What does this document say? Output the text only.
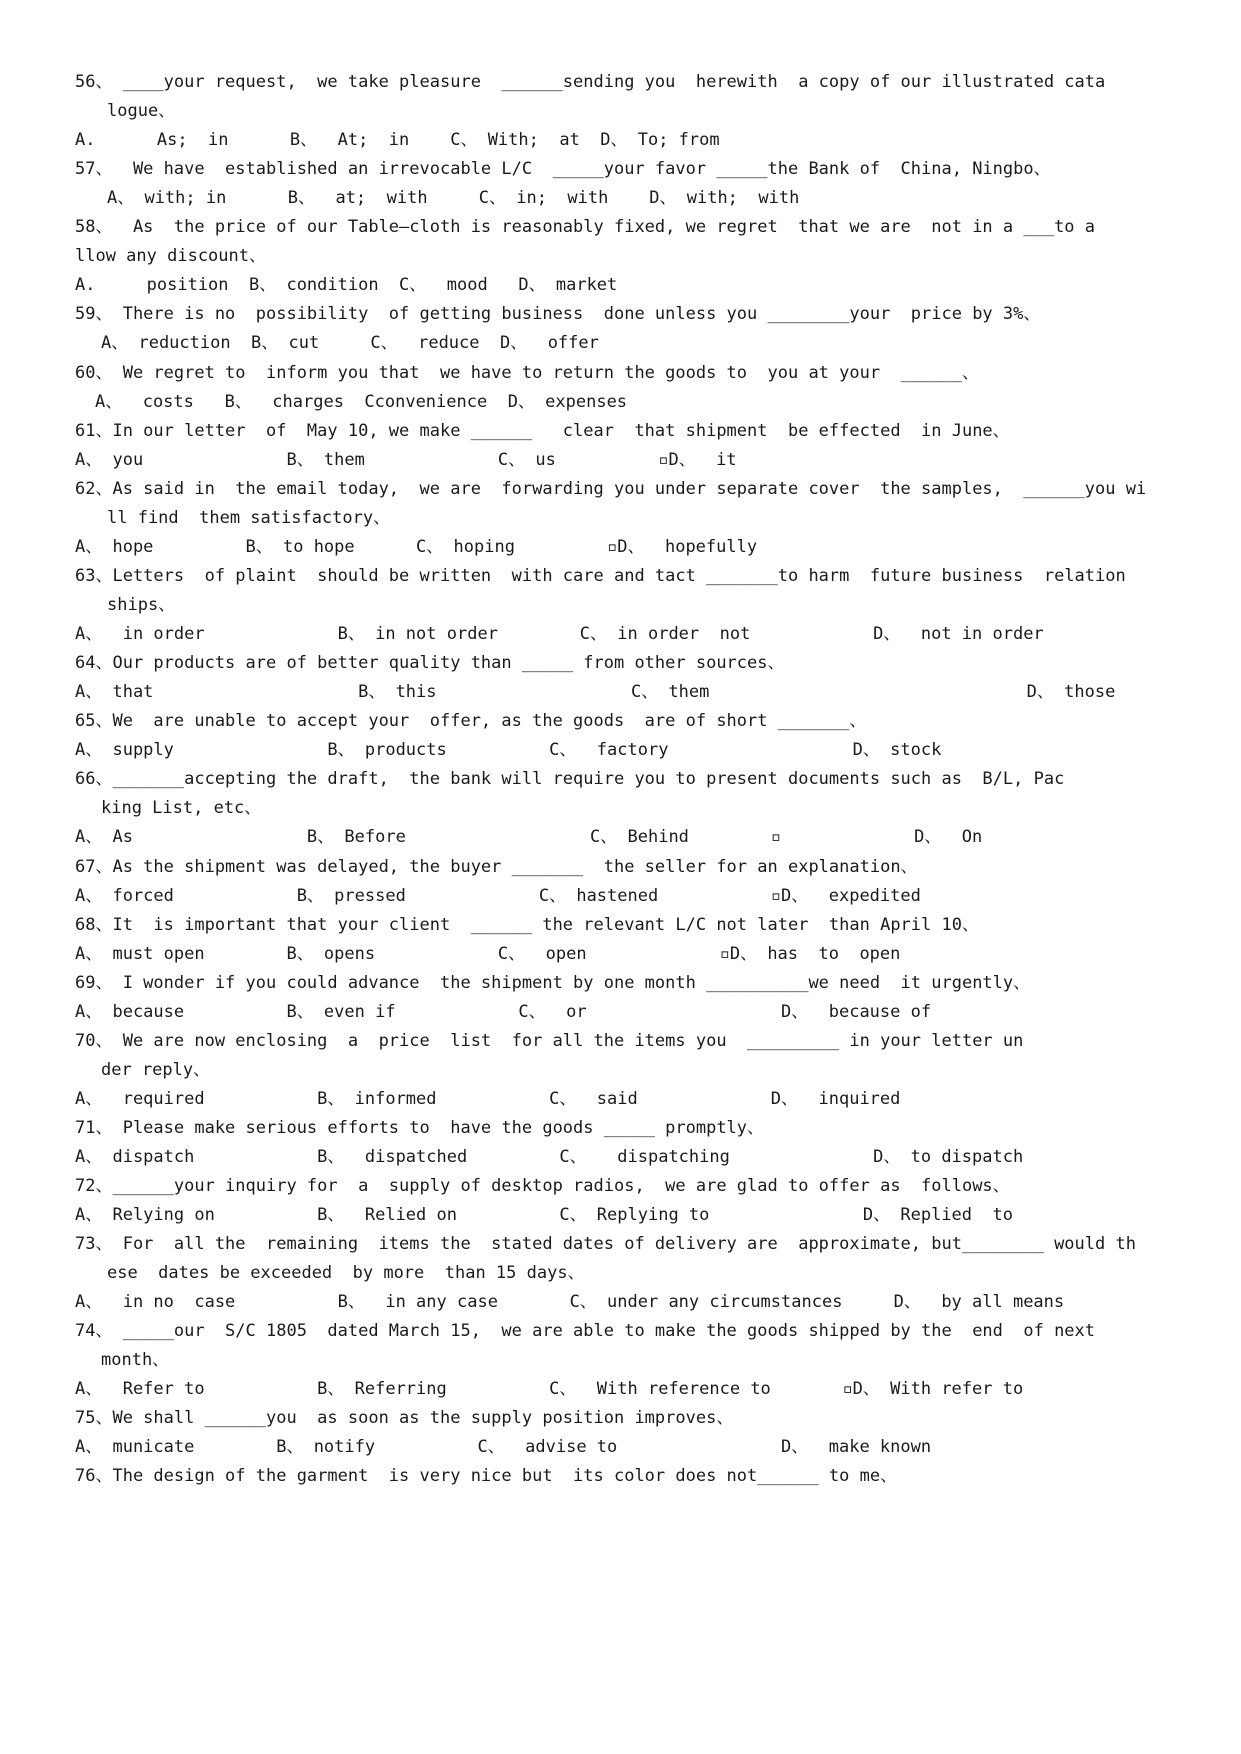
56、 ____your request,  we take pleasure  ______sending you  herewith  a copy of our illustrated cata
logue、
A.      As;  in      B、  At;  in    C、 With;  at  D、 To; from
57、  We have  established an irrevocable L/C  _____your favor _____the Bank of  China, Ningbo、
A、 with; in      B、  at;  with     C、 in;  with    D、 with;  with
58、  As  the price of our Table—cloth is reasonably fixed, we regret  that we are  not in a ___to a
llow any discount、
A.     position  B、 condition  C、  mood   D、 market
59、 There is no  possibility  of getting business  done unless you ________your  price by 3%、
A、 reduction  B、 cut     C、  reduce  D、  offer
60、 We regret to  inform you that  we have to return the goods to  you at your  ______、
A、  costs   B、  charges  Cconvenience  D、 expenses
61、In our letter  of  May 10, we make ______   clear  that shipment  be effected  in June、
A、 you              B、 them             C、 us          ▫D、  it
62、As said in  the email today,  we are  forwarding you under separate cover  the samples,  ______you wi
ll find  them satisfactory、
A、 hope         B、 to hope      C、 hoping         ▫D、  hopefully
63、Letters  of plaint  should be written  with care and tact _______to harm  future business  relation
ships、
A、  in order             B、 in not order        C、 in order  not            D、  not in order
64、Our products are of better quality than _____ from other sources、
A、 that                    B、 this                   C、 them                               D、 those
65、We  are unable to accept your  offer, as the goods  are of short _______、
A、 supply               B、 products          C、  factory                  D、 stock
66、_______accepting the draft,  the bank will require you to present documents such as  B/L, Pac
king List, etc、
A、 As                 B、 Before                  C、 Behind        ▫             D、  On
67、As the shipment was delayed, the buyer _______  the seller for an explanation、
A、 forced            B、 pressed             C、 hastened           ▫D、  expedited
68、It  is important that your client  ______ the relevant L/C not later  than April 10、
A、 must open        B、 opens            C、  open             ▫D、 has  to  open
69、 I wonder if you could advance  the shipment by one month __________we need  it urgently、
A、 because          B、 even if            C、  or                   D、  because of
70、 We are now enclosing  a  price  list  for all the items you  _________ in your letter un
der reply、
A、  required           B、 informed           C、  said             D、  inquired
71、 Please make serious efforts to  have the goods _____ promptly、
A、 dispatch            B、  dispatched         C、   dispatching              D、 to dispatch
72、______your inquiry for  a  supply of desktop radios,  we are glad to offer as  follows、
A、 Relying on          B、  Relied on          C、 Replying to               D、 Replied  to
73、 For  all the  remaining  items the  stated dates of delivery are  approximate, but________ would th
ese  dates be exceeded  by more  than 15 days、
A、  in no  case          B、  in any case       C、 under any circumstances     D、  by all means
74、 _____our  S/C 1805  dated March 15,  we are able to make the goods shipped by the  end  of next
month、
A、  Refer to           B、 Referring          C、  With reference to       ▫D、 With refer to
75、We shall ______you  as soon as the supply position improves、
A、 municate        B、 notify          C、  advise to                D、  make known
76、The design of the garment  is very nice but  its color does not______ to me、
